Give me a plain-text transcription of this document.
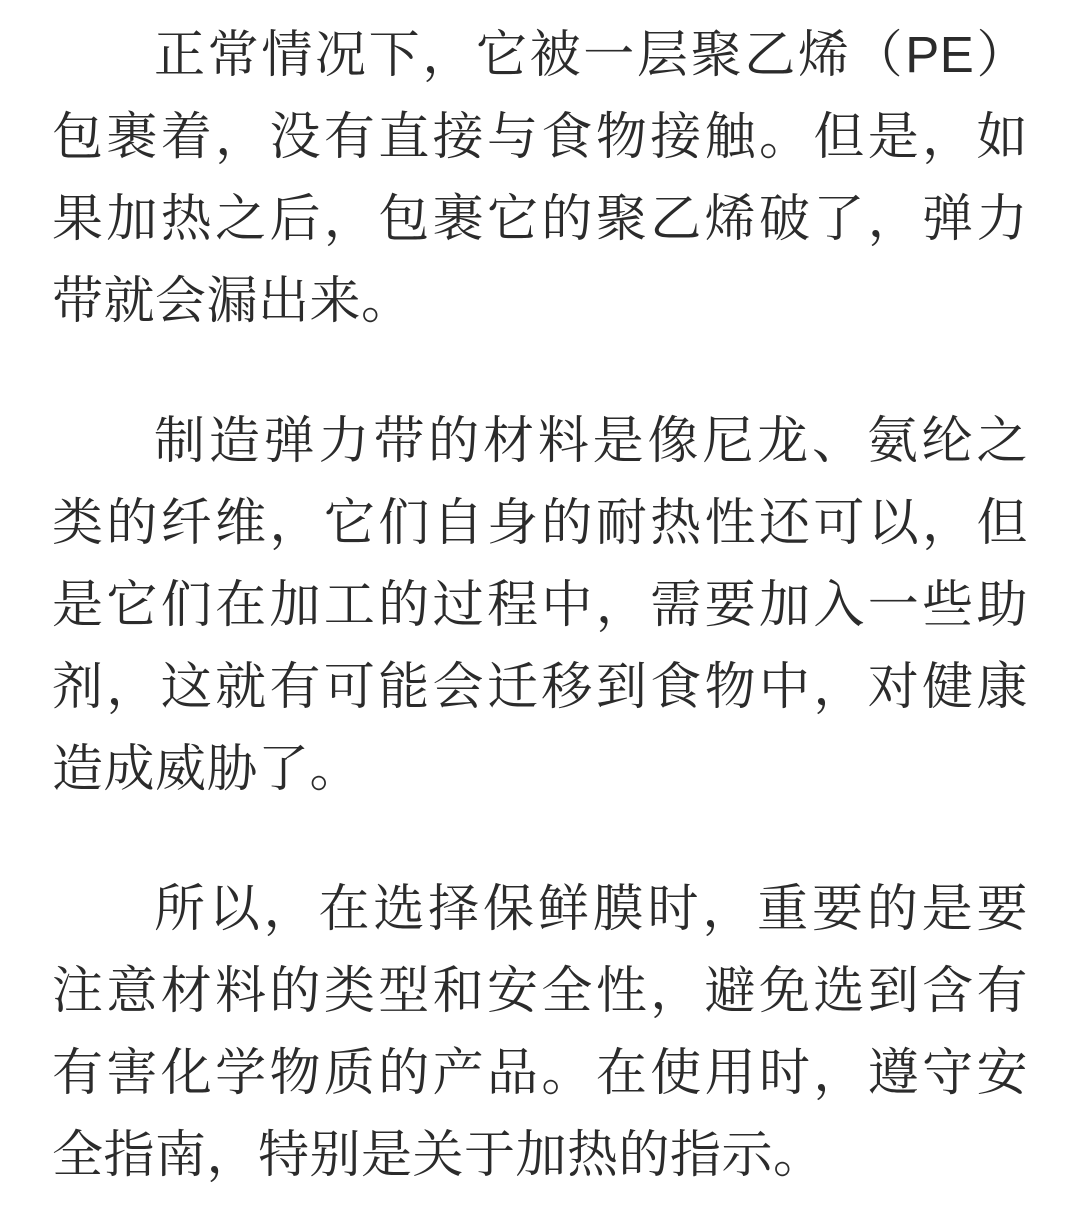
正常情况下，它被一层聚乙烯（PE）包裹着，没有直接与食物接触。但是，如果加热之后，包裹它的聚乙烯破了，弹力带就会漏出来。

制造弹力带的材料是像尼龙、氨纶之类的纤维，它们自身的耐热性还可以，但是它们在加工的过程中，需要加入一些助剂，这就有可能会迁移到食物中，对健康造成威胁了。

所以，在选择保鲜膜时，重要的是要注意材料的类型和安全性，避免选到含有有害化学物质的产品。在使用时，遵守安全指南，特别是关于加热的指示。
